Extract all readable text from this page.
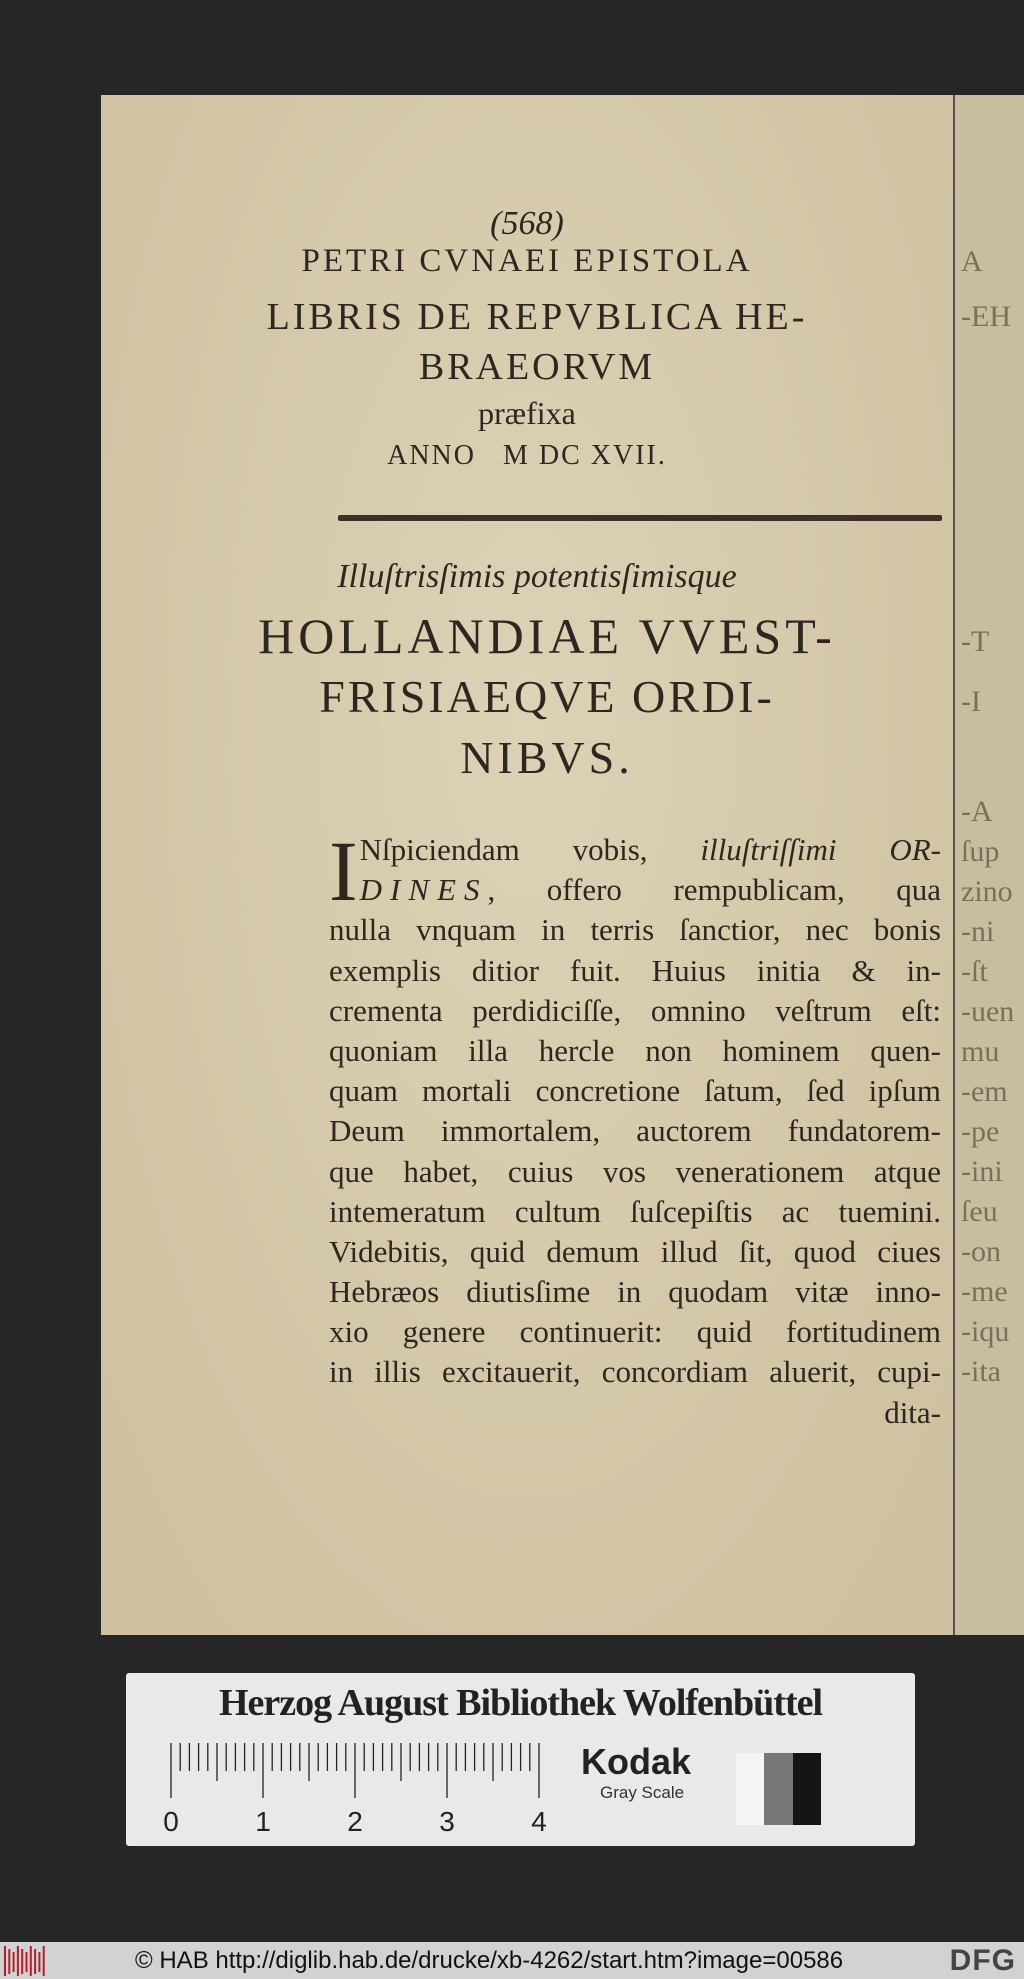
(568)
PETRI CVNAEI EPISTOLA
LIBRIS DE REPVBLICA HE-
BRAEORVM
præfixa
ANNO   M DC XVII.
Illuſtrisſimis potentisſimisque
HOLLANDIAE VVEST-
FRISIAEQVE ORDI-
NIBVS.
I Nſpiciendam vobis, illuſtriſſimi OR-
DINES, offero rempublicam, qua
nulla vnquam in terris ſanctior, nec bonis
exemplis ditior fuit. Huius initia & in-
crementa perdidiciſſe, omnino veſtrum eſt:
quoniam illa hercle non hominem quen-
quam mortali concretione ſatum, ſed ipſum
Deum immortalem, auctorem fundatorem-
que habet, cuius vos venerationem atque
intemeratum cultum ſuſcepiſtis ac tuemini.
Videbitis, quid demum illud ſit, quod ciues
Hebræos diutisſime in quodam vitæ inno-
xio genere continuerit: quid fortitudinem
in illis excitauerit, concordiam aluerit, cupi-
dita-
A
-EH
-T
-I
-A
ſup
zino
-ni
-ſt
-uen
mu
-em
-pe
-ini
ſeu
-on
-me
-iqu
-ita
Herzog August Bibliothek Wolfenbüttel
0	1	2	3	4
Kodak
Gray Scale
© HAB http://diglib.hab.de/drucke/xb-4262/start.htm?image=00586	DFG
